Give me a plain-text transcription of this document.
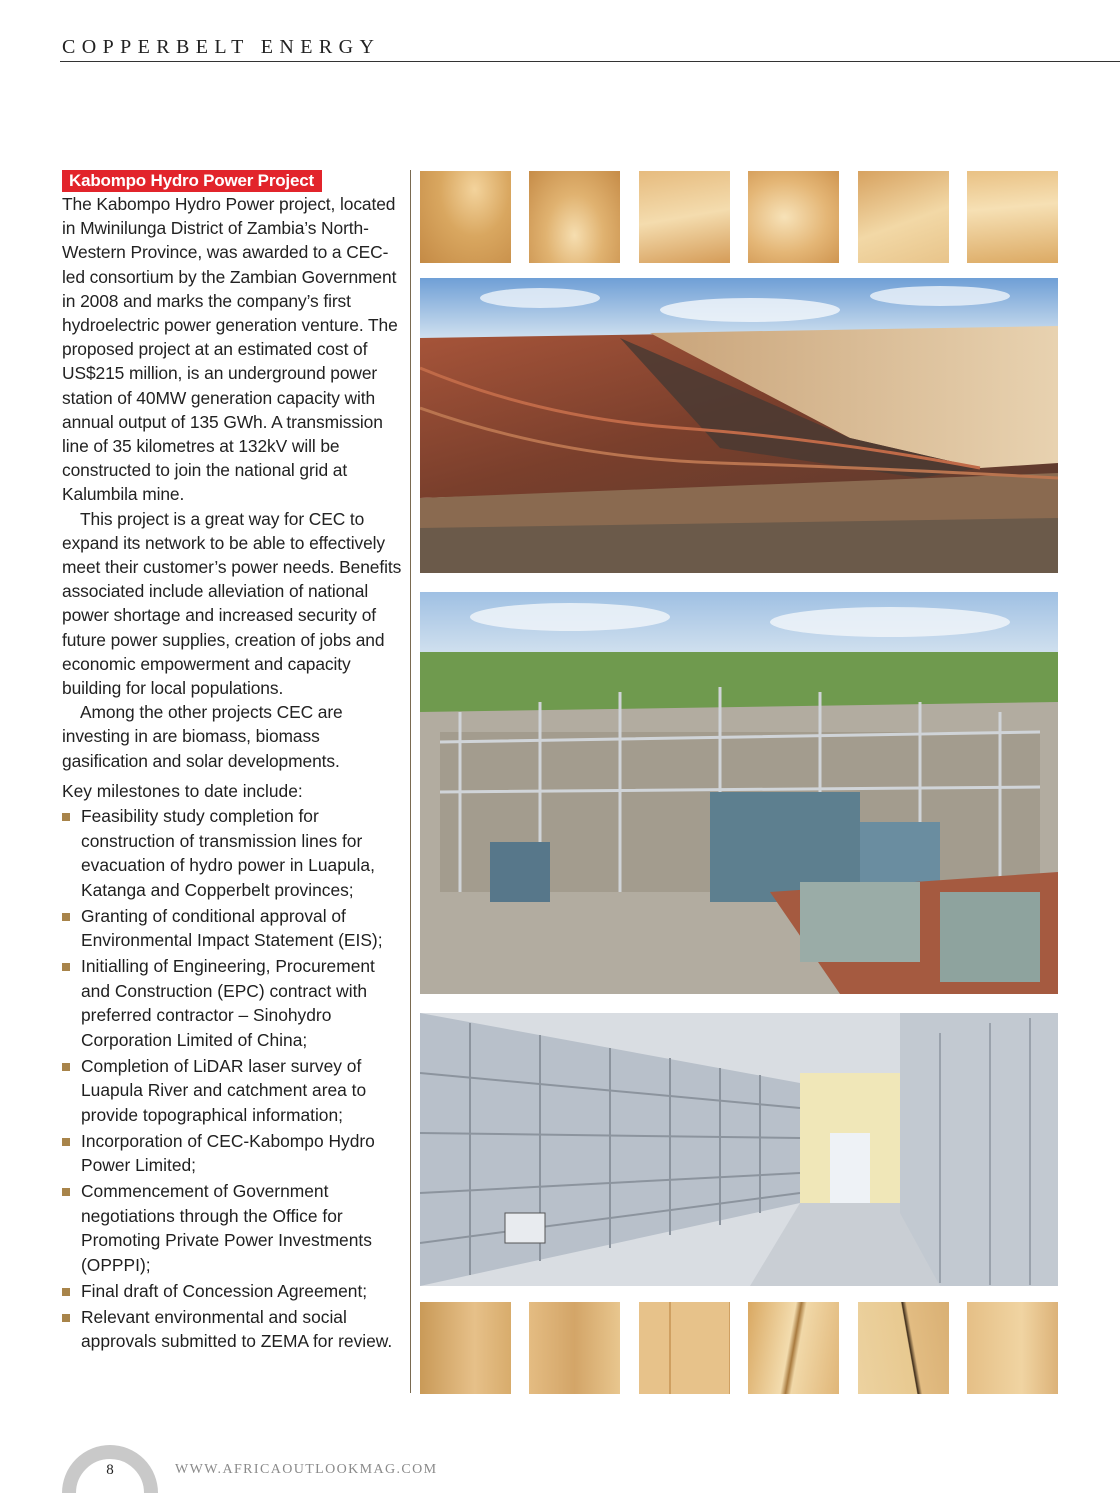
COPPERBELT ENERGY
Kabompo Hydro Power Project

The Kabompo Hydro Power project, located in Mwinilunga District of Zambia’s North-Western Province, was awarded to a CEC-led consortium by the Zambian Government in 2008 and marks the company’s first hydroelectric power generation venture. The proposed project at an estimated cost of US$215 million, is an underground power station of 40MW generation capacity with annual output of 135 GWh. A transmission line of 35 kilometres at 132kV will be constructed to join the national grid at Kalumbila mine.

This project is a great way for CEC to expand its network to be able to effectively meet their customer’s power needs. Benefits associated include alleviation of national power shortage and increased security of future power supplies, creation of jobs and economic empowerment and capacity building for local populations.

Among the other projects CEC are investing in are biomass, biomass gasification and solar developments.

Key milestones to date include:
Feasibility study completion for construction of transmission lines for evacuation of hydro power in Luapula, Katanga and Copperbelt provinces;
Granting of conditional approval of Environmental Impact Statement (EIS);
Initialling of Engineering, Procurement and Construction (EPC) contract with preferred contractor – Sinohydro Corporation Limited of China;
Completion of LiDAR laser survey of Luapula River and catchment area to provide topographical information;
Incorporation of CEC-Kabompo Hydro Power Limited;
Commencement of Government negotiations through the Office for Promoting Private Power Investments (OPPPI);
Final draft of Concession Agreement;
Relevant environmental and social approvals submitted to ZEMA for review.
8	WWW.AFRICAOUTLOOKMAG.COM
